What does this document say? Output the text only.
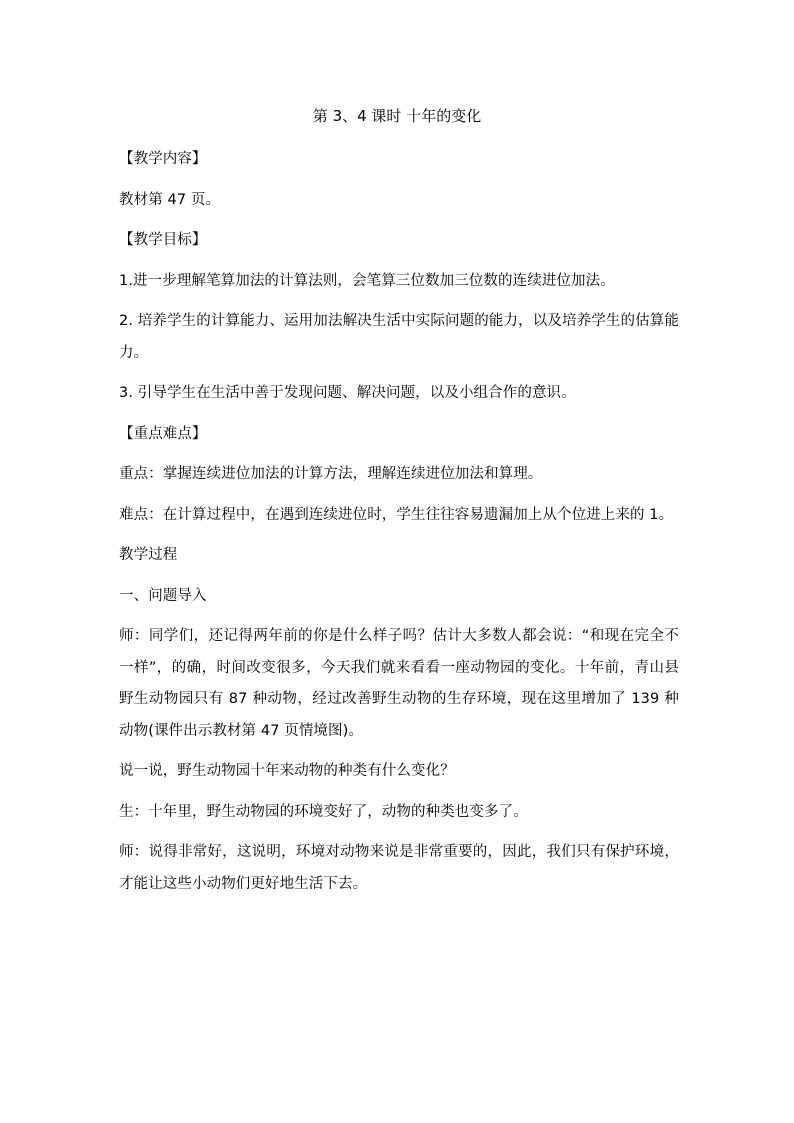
第 3、4 课时 十年的变化

【教学内容】

教材第 47 页。

【教学目标】

1.进一步理解笔算加法的计算法则，会笔算三位数加三位数的连续进位加法。

2. 培养学生的计算能力、运用加法解决生活中实际问题的能力，以及培养学生的估算能力。

3. 引导学生在生活中善于发现问题、解决问题，以及小组合作的意识。

【重点难点】

重点：掌握连续进位加法的计算方法，理解连续进位加法和算理。

难点：在计算过程中，在遇到连续进位时，学生往往容易遗漏加上从个位进上来的 1。

教学过程

一、问题导入

师：同学们，还记得两年前的你是什么样子吗？估计大多数人都会说：“和现在完全不一样”，的确，时间改变很多，今天我们就来看看一座动物园的变化。十年前，青山县野生动物园只有 87 种动物，经过改善野生动物的生存环境，现在这里增加了 139 种动物(课件出示教材第 47 页情境图)。

说一说，野生动物园十年来动物的种类有什么变化？

生：十年里，野生动物园的环境变好了，动物的种类也变多了。

师：说得非常好，这说明，环境对动物来说是非常重要的，因此，我们只有保护环境，才能让这些小动物们更好地生活下去。
